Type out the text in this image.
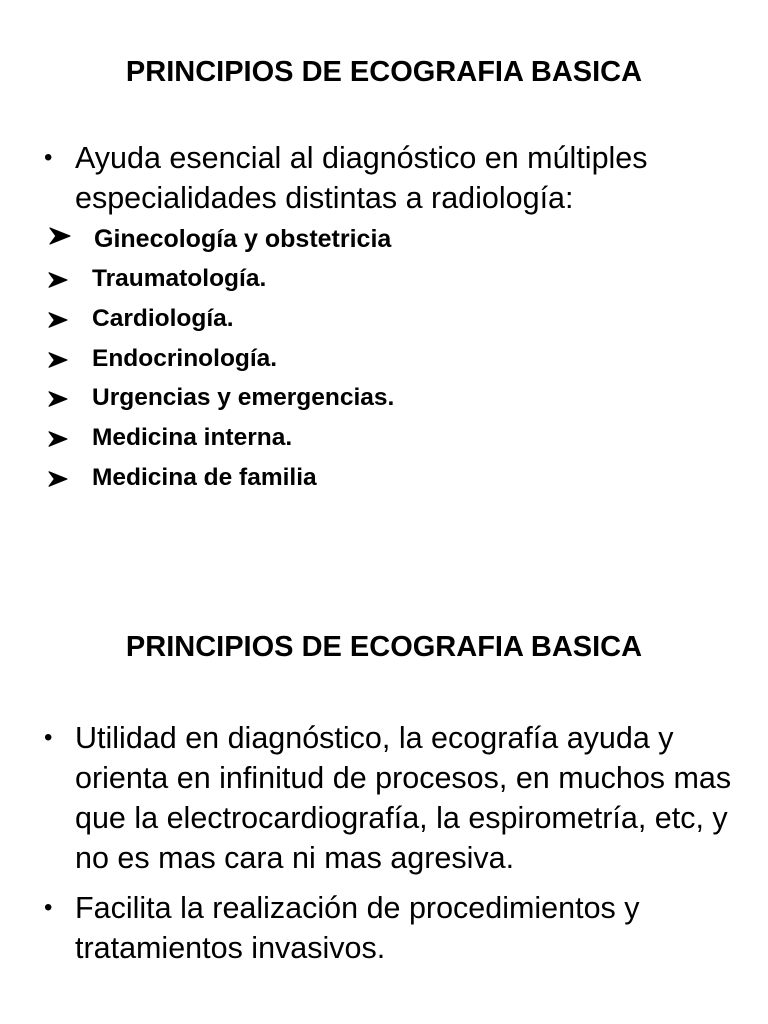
PRINCIPIOS DE ECOGRAFIA BASICA
• Ayuda esencial al diagnóstico en múltiples especialidades distintas a radiología:
Ginecología y obstetricia
Traumatología.
Cardiología.
Endocrinología.
Urgencias y emergencias.
Medicina interna.
Medicina de familia
PRINCIPIOS DE ECOGRAFIA BASICA
• Utilidad en diagnóstico, la ecografía ayuda y orienta en infinitud de procesos, en muchos mas que la electrocardiografía, la espirometría, etc, y no es mas cara ni mas agresiva.
• Facilita la realización de procedimientos y tratamientos invasivos.
